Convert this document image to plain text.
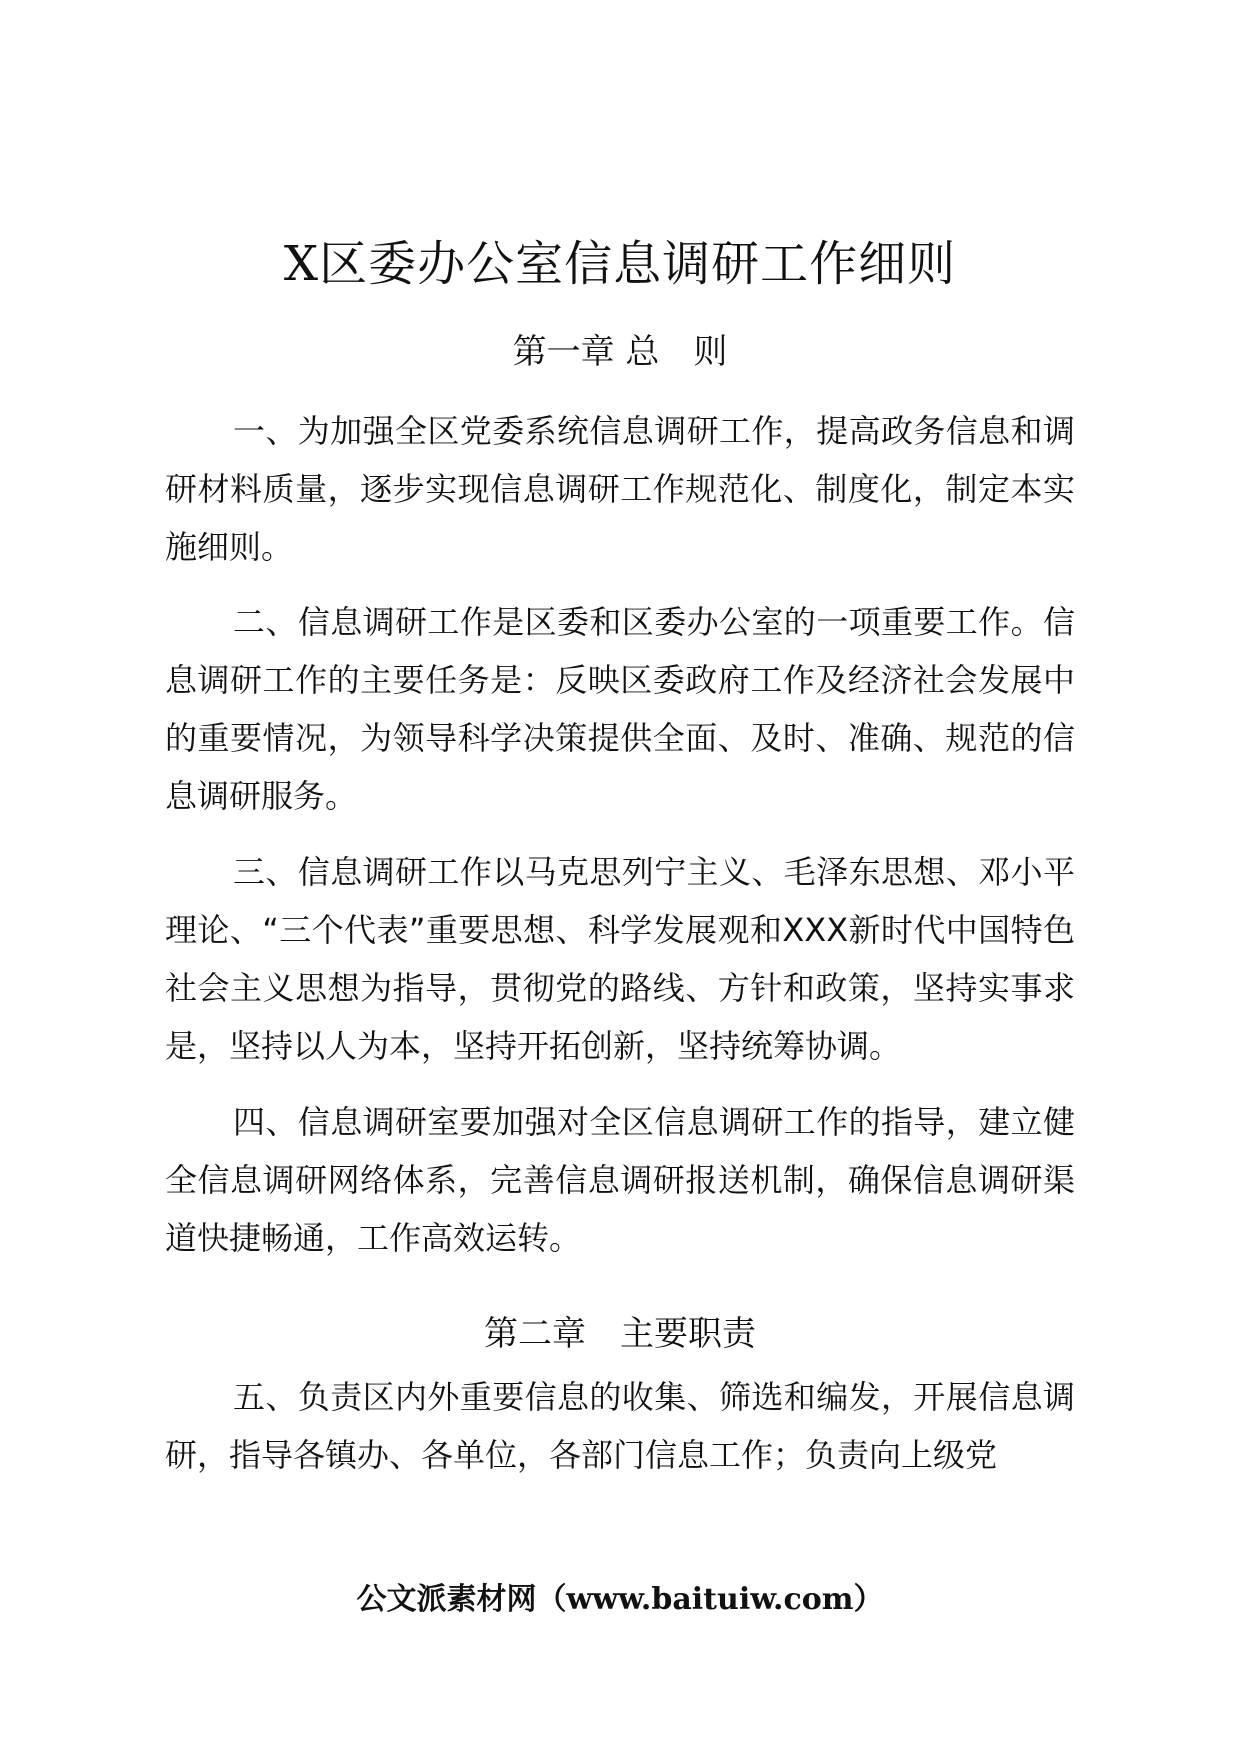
X区委办公室信息调研工作细则
第一章 总　则

一、为加强全区党委系统信息调研工作，提高政务信息和调研材料质量，逐步实现信息调研工作规范化、制度化，制定本实施细则。

二、信息调研工作是区委和区委办公室的一项重要工作。信息调研工作的主要任务是：反映区委政府工作及经济社会发展中的重要情况，为领导科学决策提供全面、及时、准确、规范的信息调研服务。

三、信息调研工作以马克思列宁主义、毛泽东思想、邓小平理论、“三个代表”重要思想、科学发展观和XXX新时代中国特色社会主义思想为指导，贯彻党的路线、方针和政策，坚持实事求是，坚持以人为本，坚持开拓创新，坚持统筹协调。

四、信息调研室要加强对全区信息调研工作的指导，建立健全信息调研网络体系，完善信息调研报送机制，确保信息调研渠道快捷畅通，工作高效运转。

第二章　主要职责

五、负责区内外重要信息的收集、筛选和编发，开展信息调研，指导各镇办、各单位，各部门信息工作；负责向上级党

公文派素材网（www.baituiw.com）
